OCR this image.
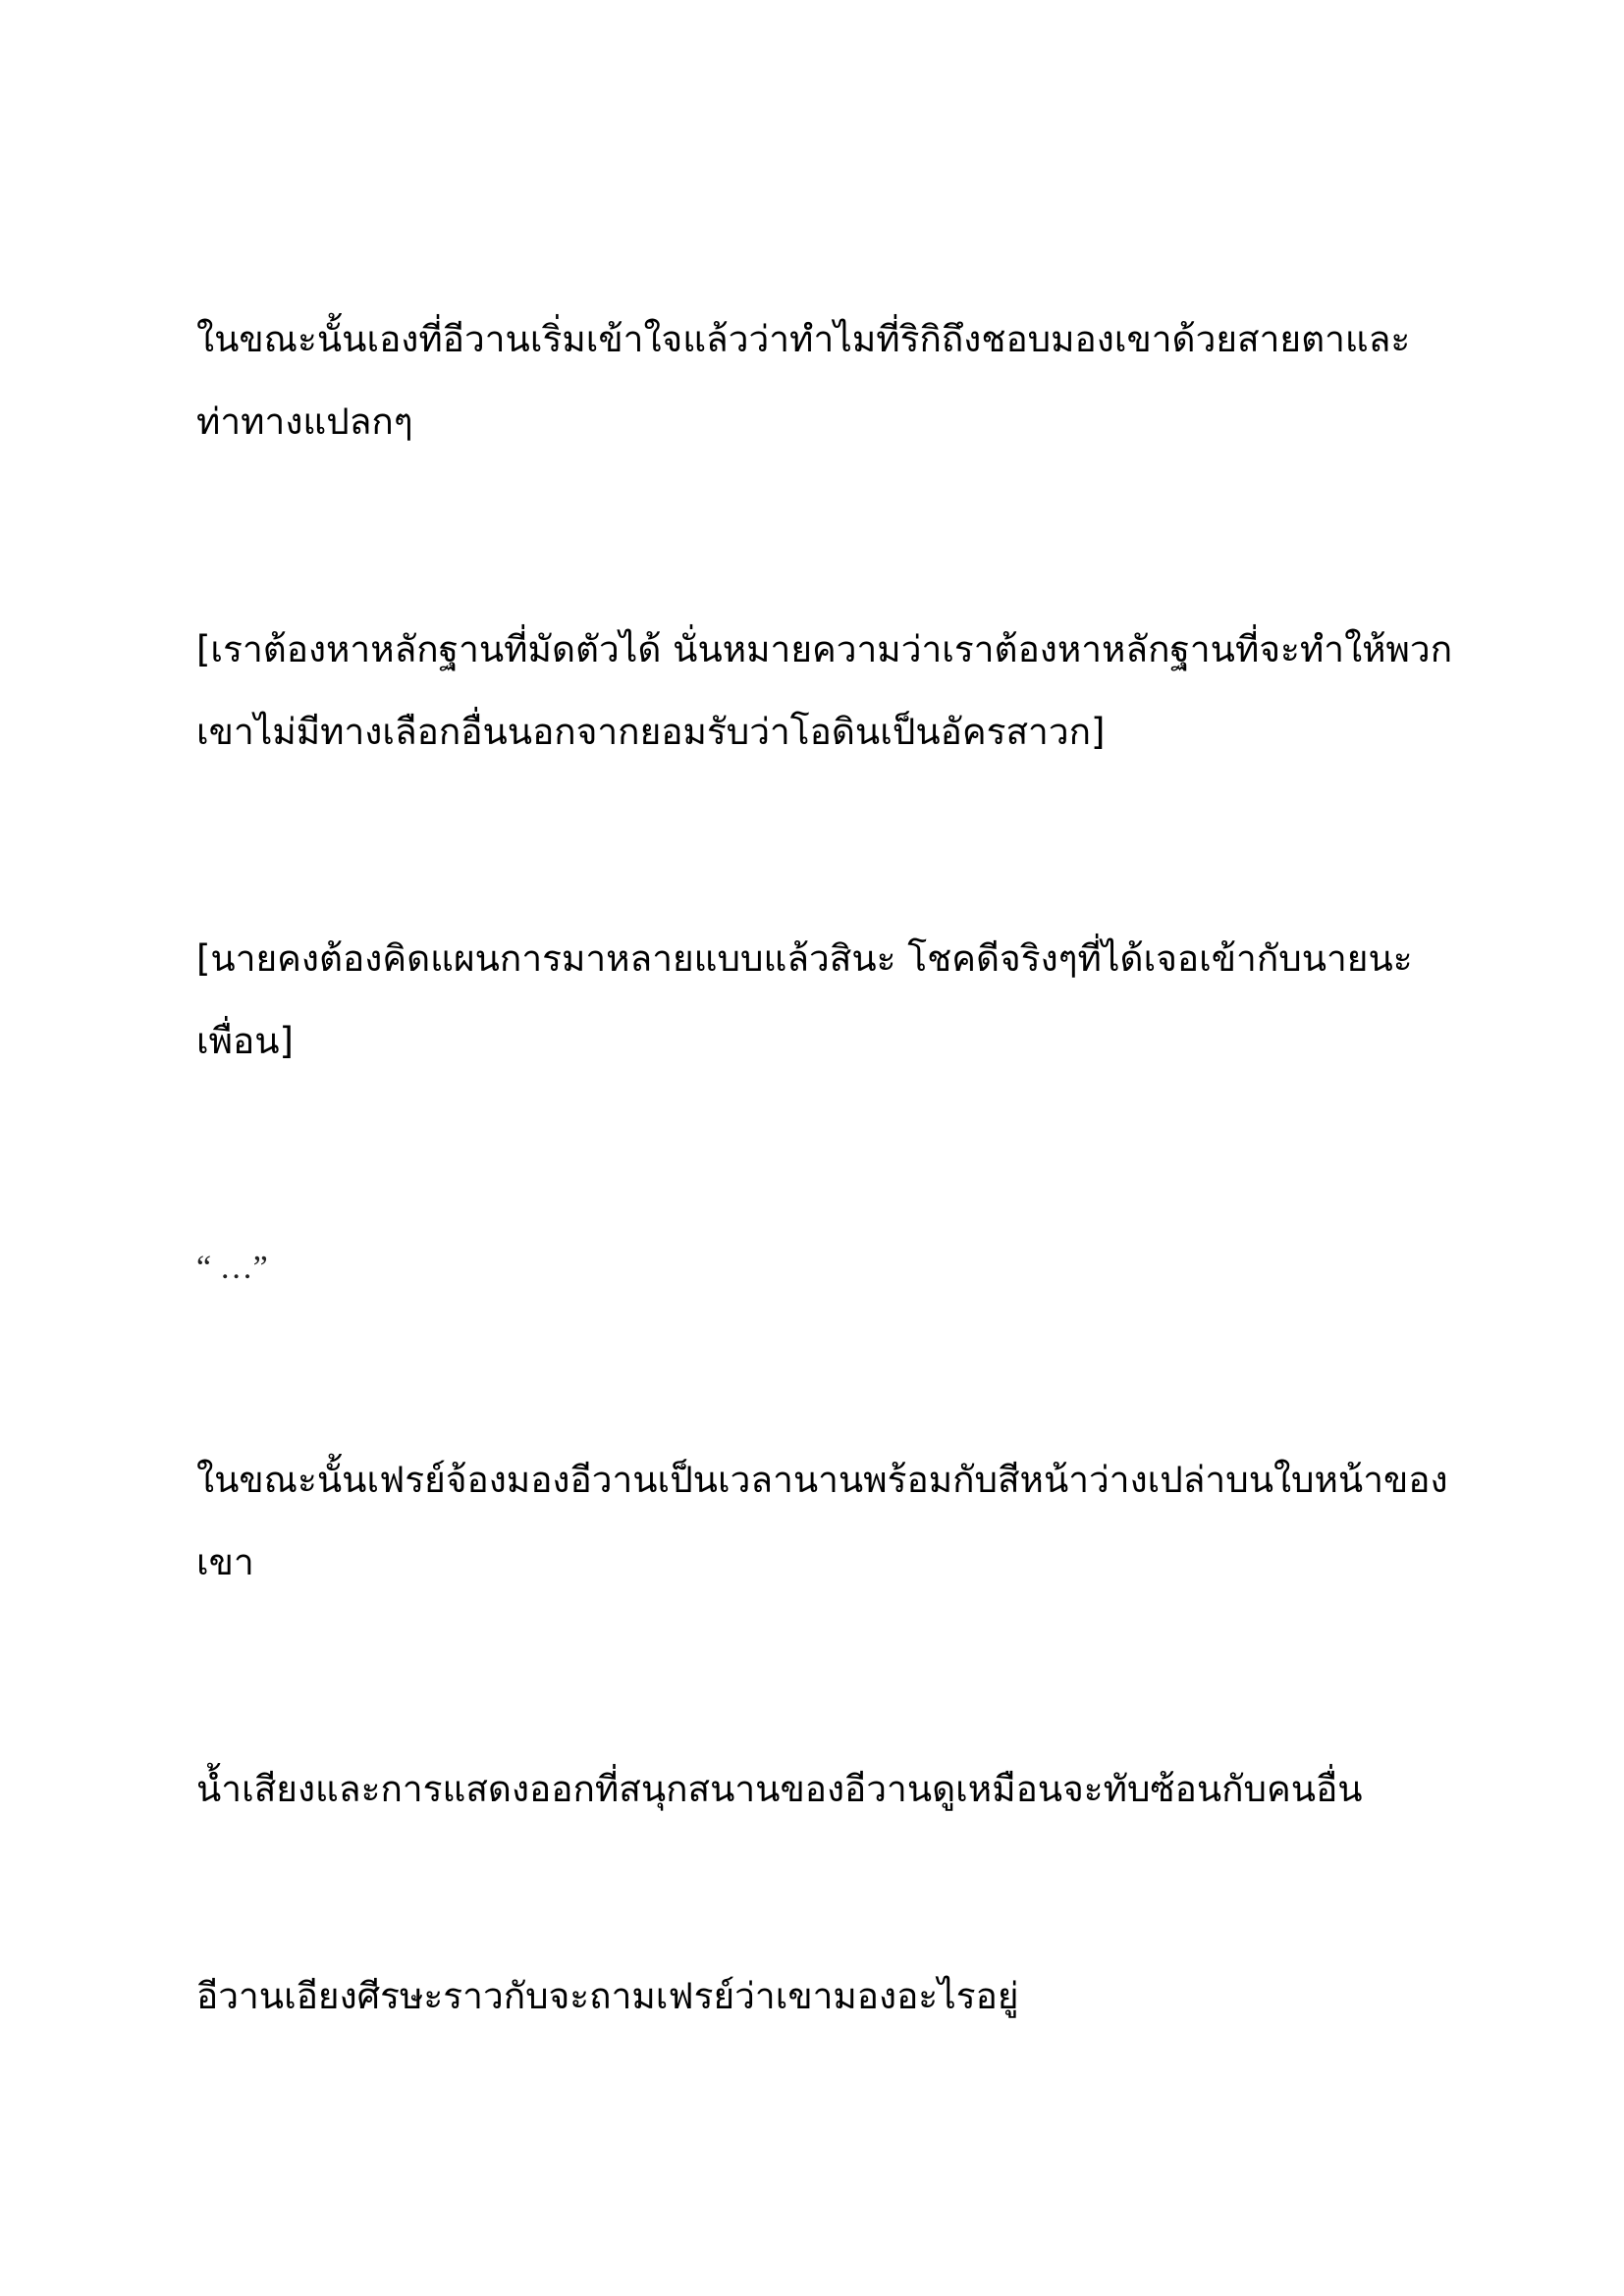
ในขณะนั้นเองที่อีวานเริ่มเข้าใจแล้วว่าทำไมที่ริกิถึงชอบมองเขาด้วยสายตาและ
ท่าทางแปลกๆ

[เราต้องหาหลักฐานที่มัดตัวได้ นั่นหมายความว่าเราต้องหาหลักฐานที่จะทำให้พวก
เขาไม่มีทางเลือกอื่นนอกจากยอมรับว่าโอดินเป็นอัครสาวก]

[นายคงต้องคิดแผนการมาหลายแบบแล้วสินะ โชคดีจริงๆที่ได้เจอเข้ากับนายนะ
เพื่อน]

“ …”

ในขณะนั้นเฟรย์จ้องมองอีวานเป็นเวลานานพร้อมกับสีหน้าว่างเปล่าบนใบหน้าของ
เขา

น้ำเสียงและการแสดงออกที่สนุกสนานของอีวานดูเหมือนจะทับซ้อนกับคนอื่น

อีวานเอียงศีรษะราวกับจะถามเฟรย์ว่าเขามองอะไรอยู่
